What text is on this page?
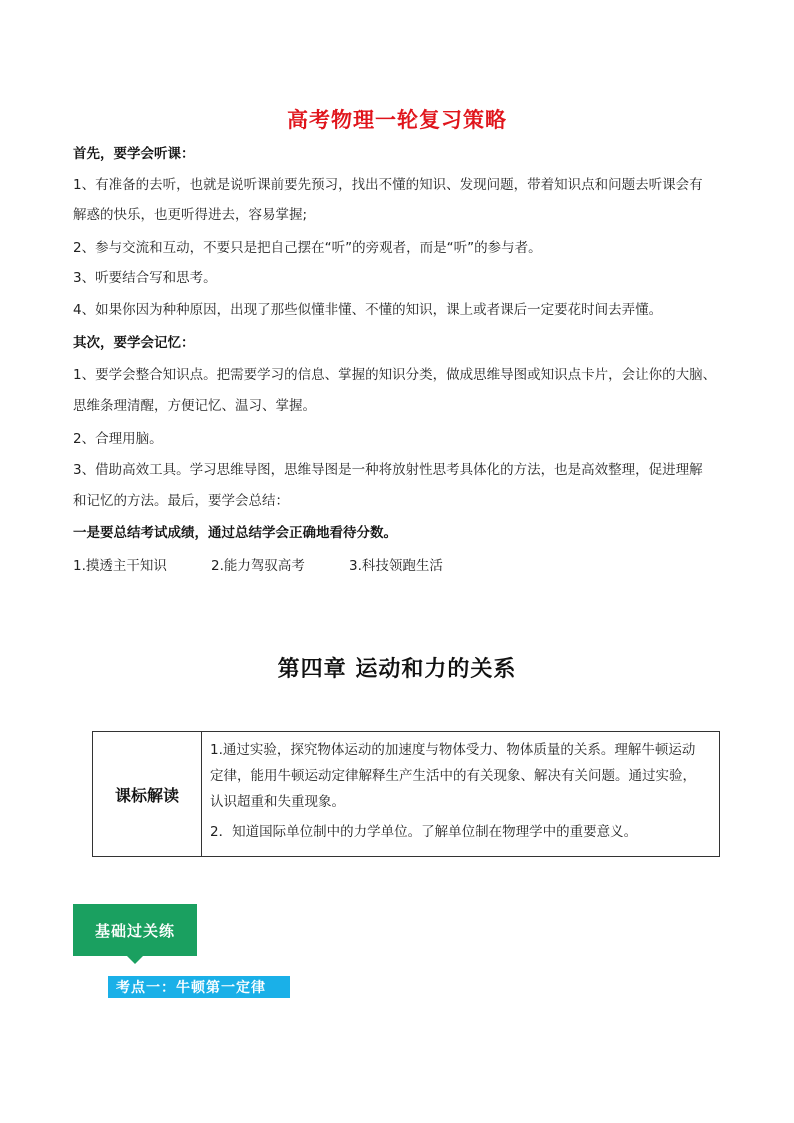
高考物理一轮复习策略
首先，要学会听课：
1、有准备的去听，也就是说听课前要先预习，找出不懂的知识、发现问题，带着知识点和问题去听课会有
解惑的快乐，也更听得进去，容易掌握;
2、参与交流和互动，不要只是把自己摆在“听”的旁观者，而是“听”的参与者。
3、听要结合写和思考。
4、如果你因为种种原因，出现了那些似懂非懂、不懂的知识，课上或者课后一定要花时间去弄懂。
其次，要学会记忆：
1、要学会整合知识点。把需要学习的信息、掌握的知识分类，做成思维导图或知识点卡片，会让你的大脑、
思维条理清醒，方便记忆、温习、掌握。
2、合理用脑。
3、借助高效工具。学习思维导图，思维导图是一种将放射性思考具体化的方法，也是高效整理，促进理解
和记忆的方法。最后，要学会总结：
一是要总结考试成绩，通过总结学会正确地看待分数。
1.摸透主干知识	2.能力驾驭高考	3.科技领跑生活
第四章 运动和力的关系
课标解读

1.通过实验，探究物体运动的加速度与物体受力、物体质量的关系。理解牛顿运动

定律，能用牛顿运动定律解释生产生活中的有关现象、解决有关问题。通过实验，

认识超重和失重现象。

2．知道国际单位制中的力学单位。了解单位制在物理学中的重要意义。

基础过关练
考点一：牛顿第一定律
